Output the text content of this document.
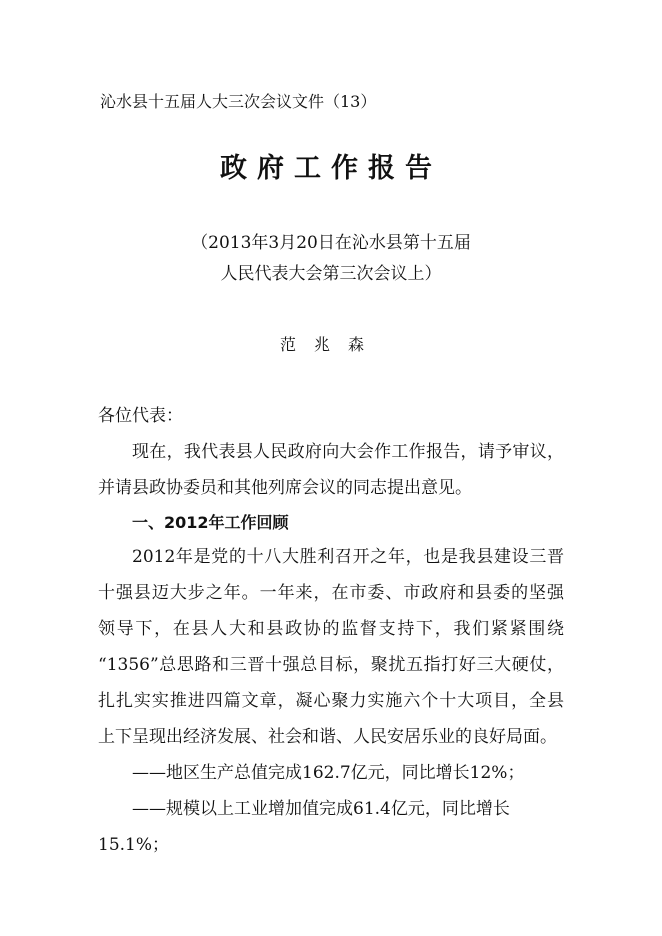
沁水县十五届人大三次会议文件（13）
政府工作报告
（2013年3月20日在沁水县第十五届
人民代表大会第三次会议上）
范兆森
各位代表：
现在，我代表县人民政府向大会作工作报告，请予审议，
并请县政协委员和其他列席会议的同志提出意见。
一、2012年工作回顾
2012年是党的十八大胜利召开之年，也是我县建设三晋
十强县迈大步之年。一年来，在市委、市政府和县委的坚强
领导下，在县人大和县政协的监督支持下，我们紧紧围绕
“1356”总思路和三晋十强总目标，聚扰五指打好三大硬仗，
扎扎实实推进四篇文章，凝心聚力实施六个十大项目，全县
上下呈现出经济发展、社会和谐、人民安居乐业的良好局面。
——地区生产总值完成162.7亿元，同比增长12%；
——规模以上工业增加值完成61.4亿元，同比增长
15.1%；
